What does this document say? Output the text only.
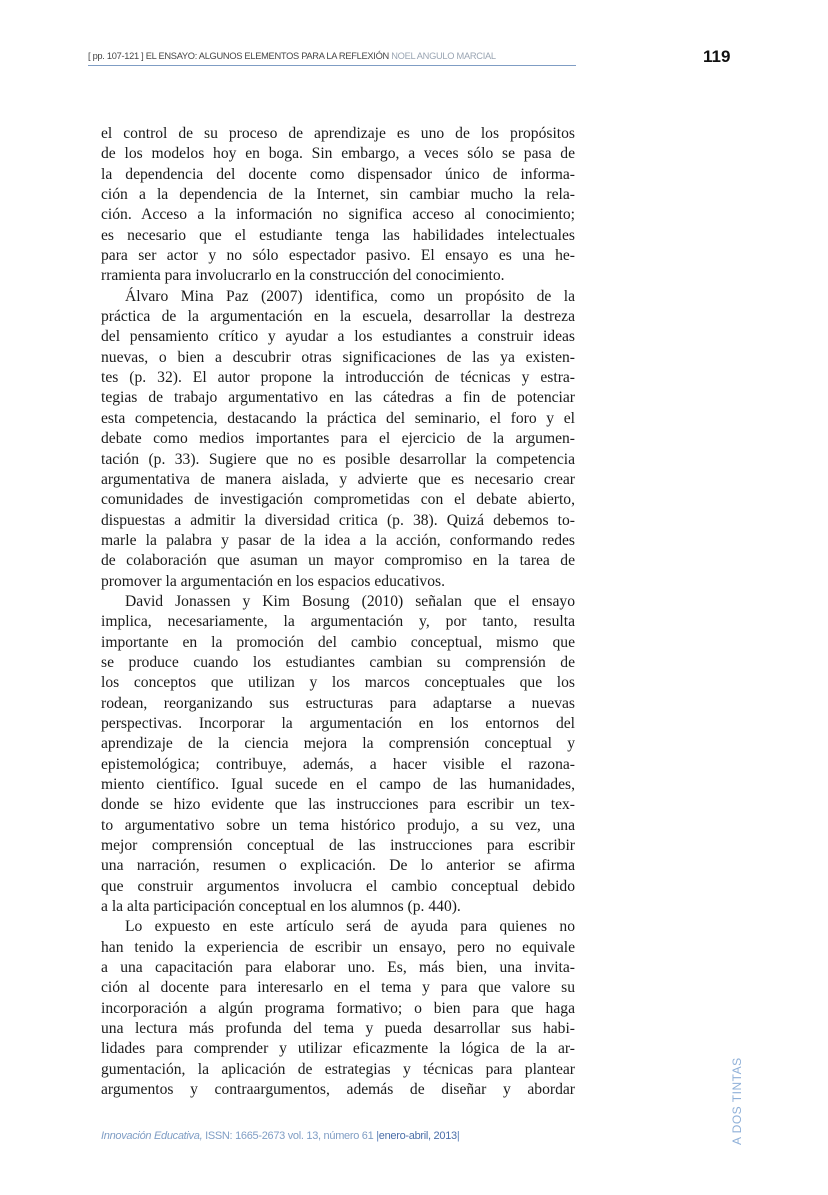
[ pp. 107-121 ] EL ENSAYO: ALGUNOS ELEMENTOS PARA LA REFLEXIÓN NOEL ANGULO MARCIAL	119
el control de su proceso de aprendizaje es uno de los propósitos
de los modelos hoy en boga. Sin embargo, a veces sólo se pasa de
la dependencia del docente como dispensador único de informa-
ción a la dependencia de la Internet, sin cambiar mucho la rela-
ción. Acceso a la información no significa acceso al conocimiento;
es necesario que el estudiante tenga las habilidades intelectuales
para ser actor y no sólo espectador pasivo. El ensayo es una he-
rramienta para involucrarlo en la construcción del conocimiento.
Álvaro Mina Paz (2007) identifica, como un propósito de la
práctica de la argumentación en la escuela, desarrollar la destreza
del pensamiento crítico y ayudar a los estudiantes a construir ideas
nuevas, o bien a descubrir otras significaciones de las ya existen-
tes (p. 32). El autor propone la introducción de técnicas y estra-
tegias de trabajo argumentativo en las cátedras a fin de potenciar
esta competencia, destacando la práctica del seminario, el foro y el
debate como medios importantes para el ejercicio de la argumen-
tación (p. 33). Sugiere que no es posible desarrollar la competencia
argumentativa de manera aislada, y advierte que es necesario crear
comunidades de investigación comprometidas con el debate abierto,
dispuestas a admitir la diversidad critica (p. 38). Quizá debemos to-
marle la palabra y pasar de la idea a la acción, conformando redes
de colaboración que asuman un mayor compromiso en la tarea de
promover la argumentación en los espacios educativos.
David Jonassen y Kim Bosung (2010) señalan que el ensayo
implica, necesariamente, la argumentación y, por tanto, resulta
importante en la promoción del cambio conceptual, mismo que
se produce cuando los estudiantes cambian su comprensión de
los conceptos que utilizan y los marcos conceptuales que los
rodean, reorganizando sus estructuras para adaptarse a nuevas
perspectivas. Incorporar la argumentación en los entornos del
aprendizaje de la ciencia mejora la comprensión conceptual y
epistemológica; contribuye, además, a hacer visible el razona-
miento científico. Igual sucede en el campo de las humanidades,
donde se hizo evidente que las instrucciones para escribir un tex-
to argumentativo sobre un tema histórico produjo, a su vez, una
mejor comprensión conceptual de las instrucciones para escribir
una narración, resumen o explicación. De lo anterior se afirma
que construir argumentos involucra el cambio conceptual debido
a la alta participación conceptual en los alumnos (p. 440).
Lo expuesto en este artículo será de ayuda para quienes no
han tenido la experiencia de escribir un ensayo, pero no equivale
a una capacitación para elaborar uno. Es, más bien, una invita-
ción al docente para interesarlo en el tema y para que valore su
incorporación a algún programa formativo; o bien para que haga
una lectura más profunda del tema y pueda desarrollar sus habi-
lidades para comprender y utilizar eficazmente la lógica de la ar-
gumentación, la aplicación de estrategias y técnicas para plantear
argumentos y contraargumentos, además de diseñar y abordar
Innovación Educativa, ISSN: 1665-2673 vol. 13, número 61 |enero-abril, 2013|	A DOS TINTAS
